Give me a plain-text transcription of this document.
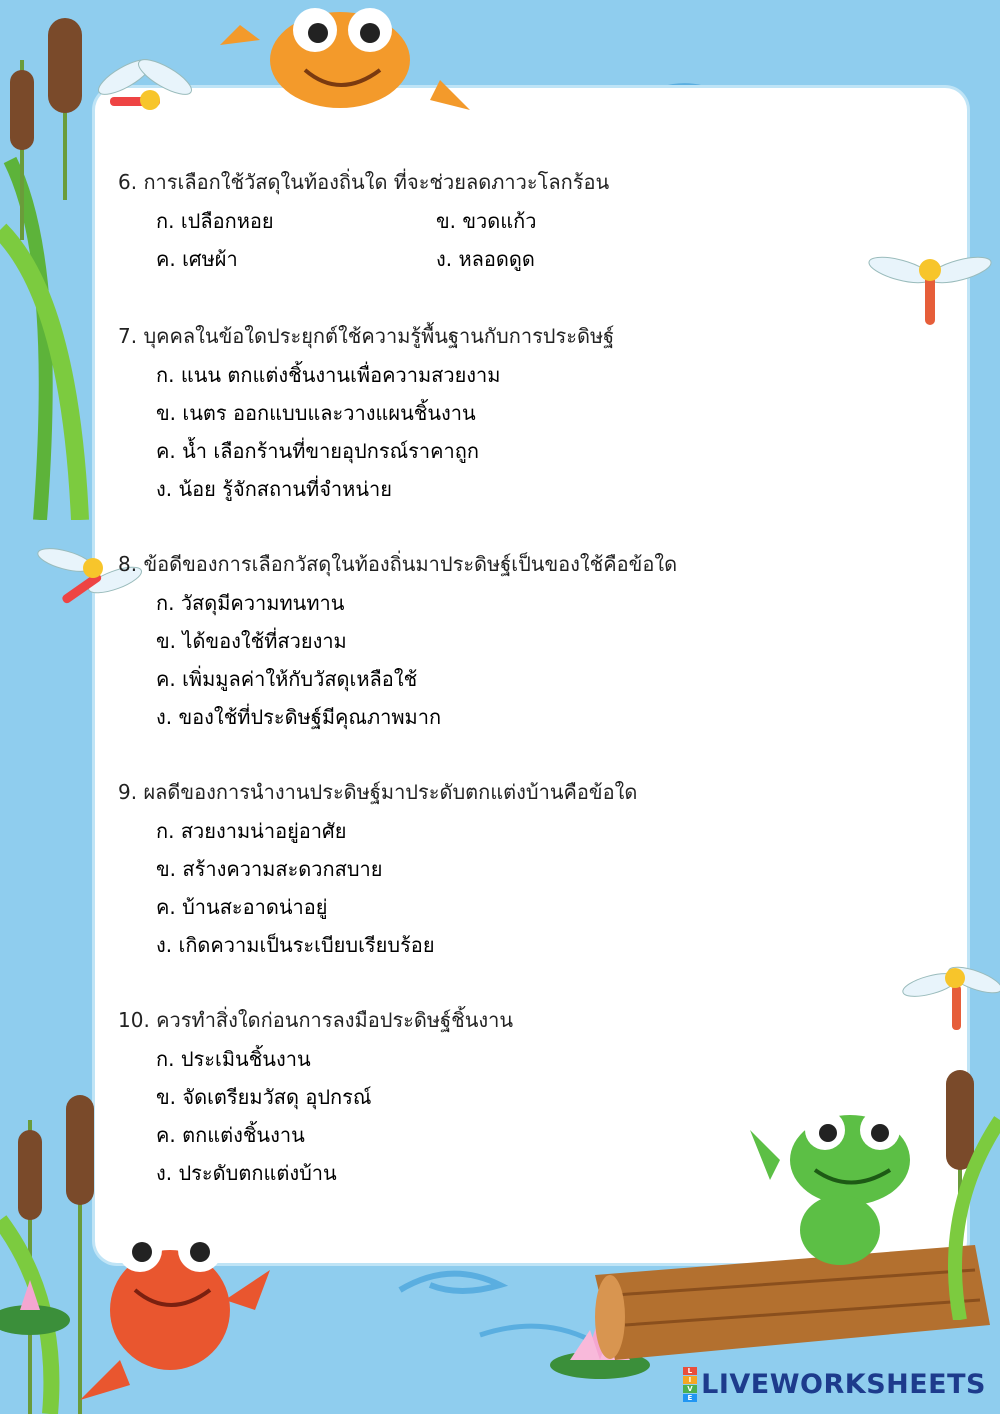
6. การเลือกใช้วัสดุในท้องถิ่นใด ที่จะช่วยลดภาวะโลกร้อน
ก. เปลือกหอย	ข. ขวดแก้ว
ค. เศษผ้า	ง. หลอดดูด
7. บุคคลในข้อใดประยุกต์ใช้ความรู้พื้นฐานกับการประดิษฐ์
ก. แนน ตกแต่งชิ้นงานเพื่อความสวยงาม
ข. เนตร ออกแบบและวางแผนชิ้นงาน
ค. น้ำ เลือกร้านที่ขายอุปกรณ์ราคาถูก
ง. น้อย รู้จักสถานที่จำหน่าย
8. ข้อดีของการเลือกวัสดุในท้องถิ่นมาประดิษฐ์เป็นของใช้คือข้อใด
ก. วัสดุมีความทนทาน
ข. ได้ของใช้ที่สวยงาม
ค. เพิ่มมูลค่าให้กับวัสดุเหลือใช้
ง. ของใช้ที่ประดิษฐ์มีคุณภาพมาก
9. ผลดีของการนำงานประดิษฐ์มาประดับตกแต่งบ้านคือข้อใด
ก. สวยงามน่าอยู่อาศัย
ข. สร้างความสะดวกสบาย
ค. บ้านสะอาดน่าอยู่
ง. เกิดความเป็นระเบียบเรียบร้อย
10. ควรทำสิ่งใดก่อนการลงมือประดิษฐ์ชิ้นงาน
ก. ประเมินชิ้นงาน
ข. จัดเตรียมวัสดุ อุปกรณ์
ค. ตกแต่งชิ้นงาน
ง. ประดับตกแต่งบ้าน
L
I
V
E LIVEWORKSHEETS
